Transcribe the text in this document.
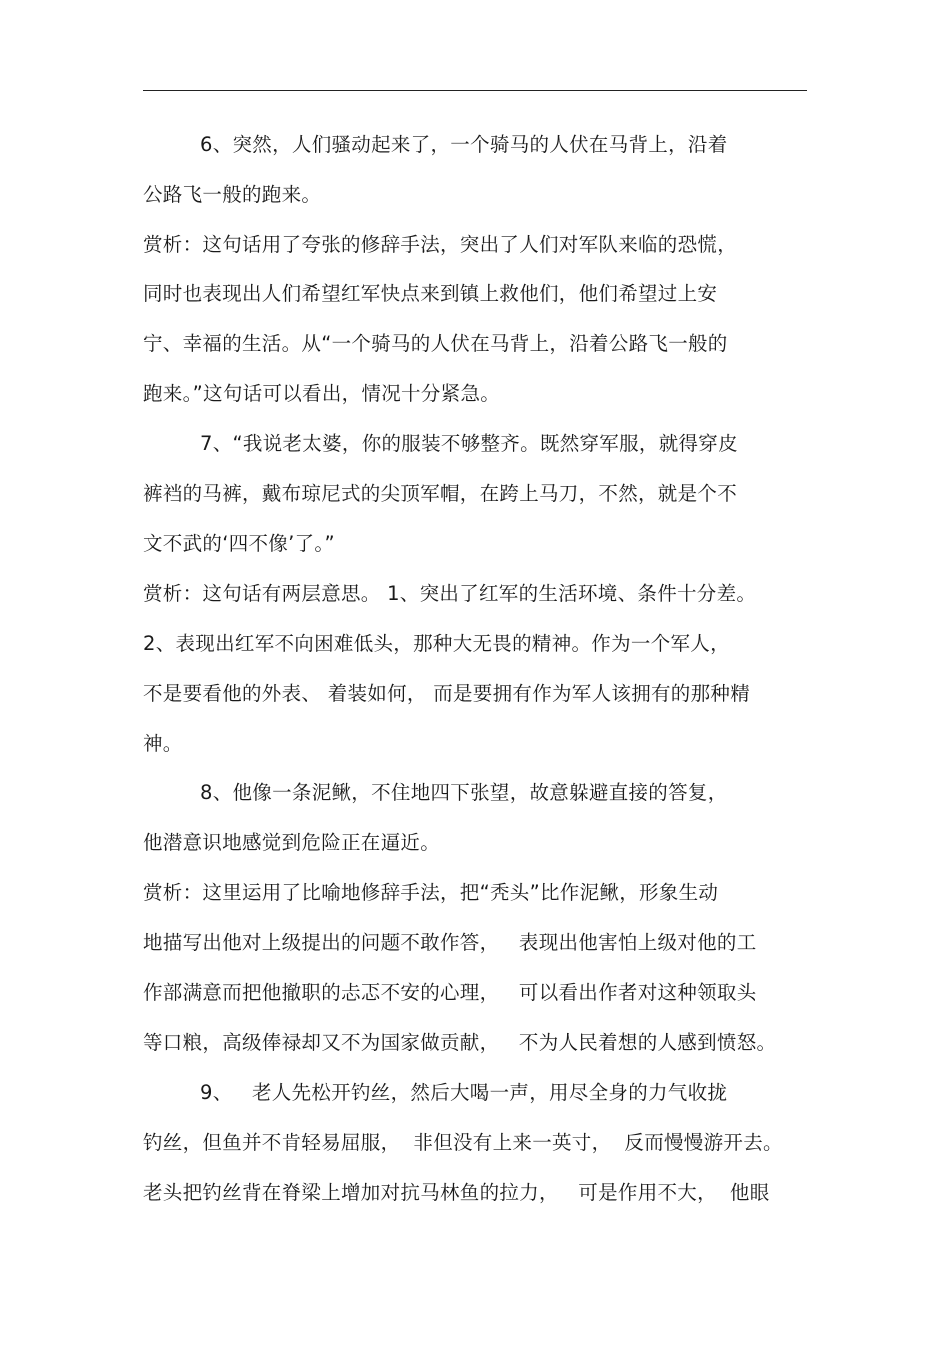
6、突然，人们骚动起来了，一个骑马的人伏在马背上，沿着
公路飞一般的跑来。
赏析：这句话用了夸张的修辞手法，突出了人们对军队来临的恐慌，
同时也表现出人们希望红军快点来到镇上救他们，他们希望过上安
宁、幸福的生活。从“一个骑马的人伏在马背上，沿着公路飞一般的
跑来。”这句话可以看出，情况十分紧急。
7、“我说老太婆，你的服装不够整齐。既然穿军服，就得穿皮
裤裆的马裤，戴布琼尼式的尖顶军帽，在跨上马刀，不然，就是个不
文不武的‘四不像’了。”
赏析：这句话有两层意思。 1、突出了红军的生活环境、条件十分差。
2、表现出红军不向困难低头，那种大无畏的精神。作为一个军人，
不是要看他的外表、 着装如何， 而是要拥有作为军人该拥有的那种精
神。
8、他像一条泥鳅，不住地四下张望，故意躲避直接的答复，
他潜意识地感觉到危险正在逼近。
赏析：这里运用了比喻地修辞手法，把“秃头”比作泥鳅，形象生动
地描写出他对上级提出的问题不敢作答，   表现出他害怕上级对他的工
作部满意而把他撤职的忐忑不安的心理，   可以看出作者对这种领取头
等口粮，高级俸禄却又不为国家做贡献，   不为人民着想的人感到愤怒。
9、   老人先松开钓丝，然后大喝一声，用尽全身的力气收拢
钓丝，但鱼并不肯轻易屈服，  非但没有上来一英寸，  反而慢慢游开去。
老头把钓丝背在脊梁上增加对抗马林鱼的拉力，   可是作用不大，  他眼
